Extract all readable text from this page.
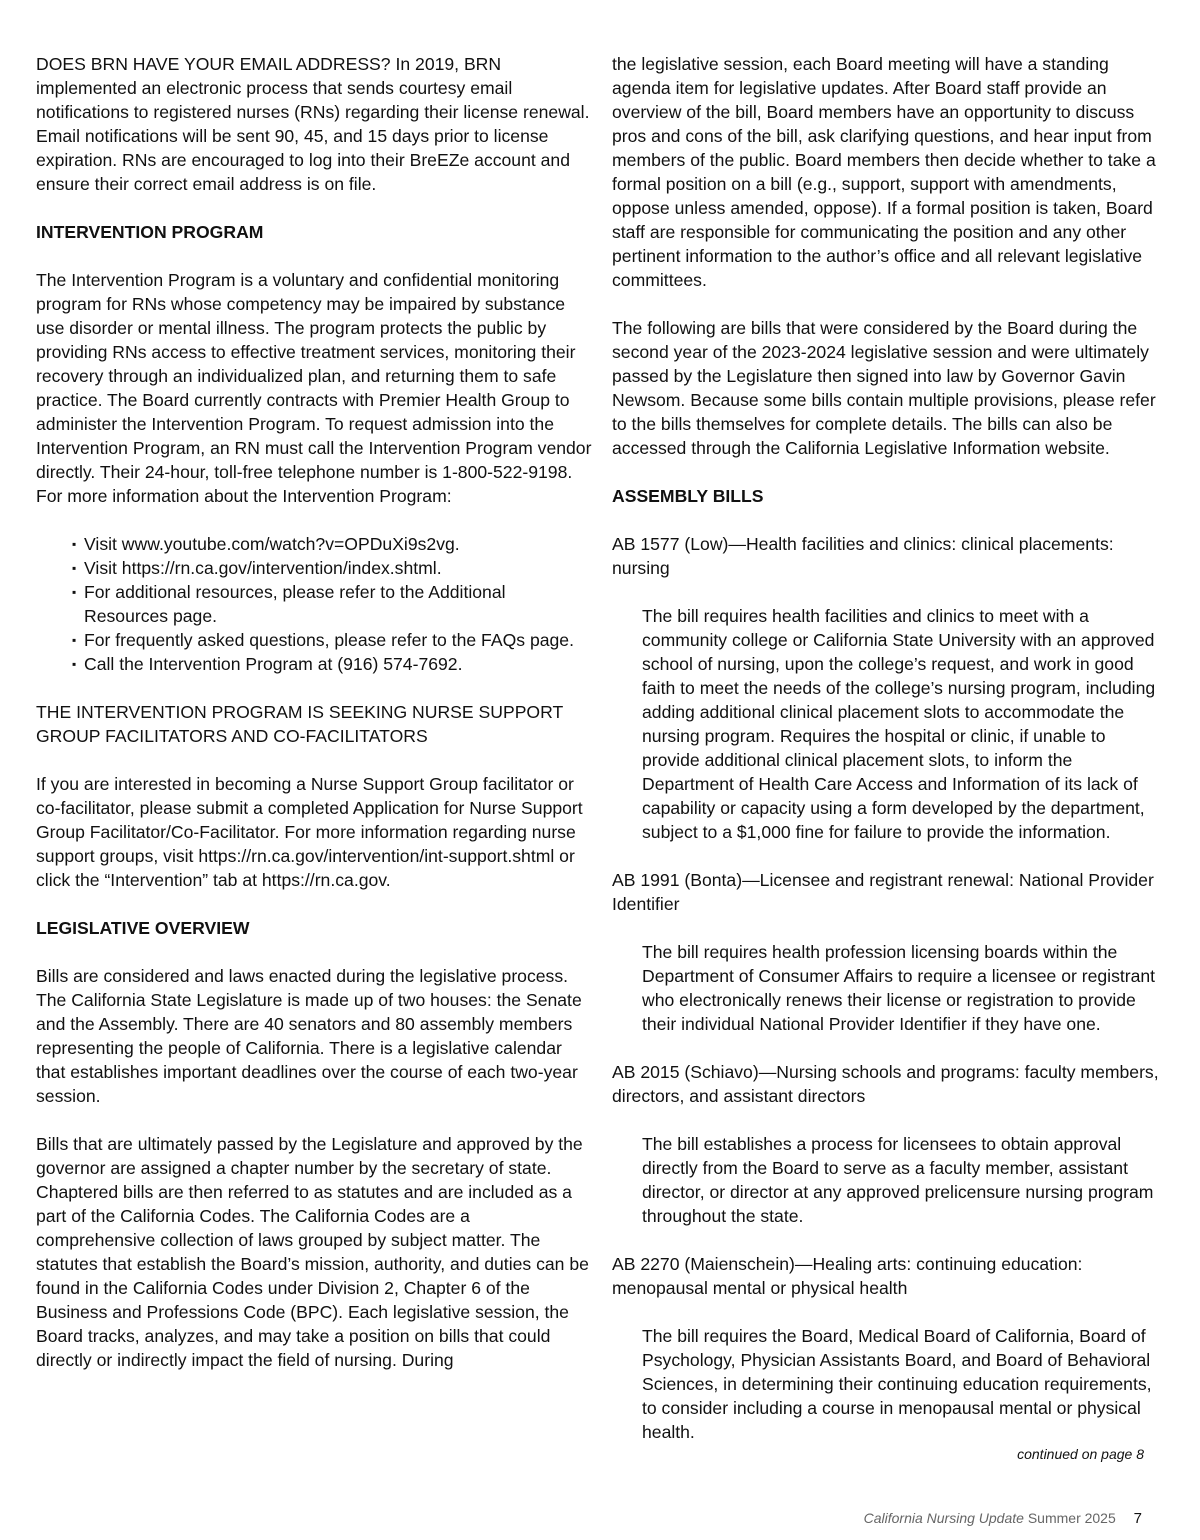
DOES BRN HAVE YOUR EMAIL ADDRESS? In 2019, BRN implemented an electronic process that sends courtesy email notifications to registered nurses (RNs) regarding their license renewal. Email notifications will be sent 90, 45, and 15 days prior to license expiration. RNs are encouraged to log into their BreEZe account and ensure their correct email address is on file.

INTERVENTION PROGRAM

The Intervention Program is a voluntary and confidential monitoring program for RNs whose competency may be impaired by substance use disorder or mental illness. The program protects the public by providing RNs access to effective treatment services, monitoring their recovery through an individualized plan, and returning them to safe practice. The Board currently contracts with Premier Health Group to administer the Intervention Program. To request admission into the Intervention Program, an RN must call the Intervention Program vendor directly. Their 24-hour, toll-free telephone number is 1-800-522-9198. For more information about the Intervention Program:

▪ Visit www.youtube.com/watch?v=OPDuXi9s2vg.
▪ Visit https://rn.ca.gov/intervention/index.shtml.
▪ For additional resources, please refer to the Additional Resources page.
▪ For frequently asked questions, please refer to the FAQs page.
▪ Call the Intervention Program at (916) 574-7692.
THE INTERVENTION PROGRAM IS SEEKING NURSE SUPPORT GROUP FACILITATORS AND CO-FACILITATORS

If you are interested in becoming a Nurse Support Group facilitator or co-facilitator, please submit a completed Application for Nurse Support Group Facilitator/Co-Facilitator. For more information regarding nurse support groups, visit https://rn.ca.gov/intervention/int-support.shtml or click the “Intervention” tab at https://rn.ca.gov.

LEGISLATIVE OVERVIEW

Bills are considered and laws enacted during the legislative process. The California State Legislature is made up of two houses: the Senate and the Assembly. There are 40 senators and 80 assembly members representing the people of California. There is a legislative calendar that establishes important deadlines over the course of each two-year session.

Bills that are ultimately passed by the Legislature and approved by the governor are assigned a chapter number by the secretary of state. Chaptered bills are then referred to as statutes and are included as a part of the California Codes. The California Codes are a comprehensive collection of laws grouped by subject matter. The statutes that establish the Board’s mission, authority, and duties can be found in the California Codes under Division 2, Chapter 6 of the Business and Professions Code (BPC). Each legislative session, the Board tracks, analyzes, and may take a position on bills that could directly or indirectly impact the field of nursing. During

the legislative session, each Board meeting will have a standing agenda item for legislative updates. After Board staff provide an overview of the bill, Board members have an opportunity to discuss pros and cons of the bill, ask clarifying questions, and hear input from members of the public. Board members then decide whether to take a formal position on a bill (e.g., support, support with amendments, oppose unless amended, oppose). If a formal position is taken, Board staff are responsible for communicating the position and any other pertinent information to the author’s office and all relevant legislative committees.

The following are bills that were considered by the Board during the second year of the 2023-2024 legislative session and were ultimately passed by the Legislature then signed into law by Governor Gavin Newsom. Because some bills contain multiple provisions, please refer to the bills themselves for complete details. The bills can also be accessed through the California Legislative Information website.

ASSEMBLY BILLS

AB 1577 (Low)—Health facilities and clinics: clinical placements: nursing

The bill requires health facilities and clinics to meet with a community college or California State University with an approved school of nursing, upon the college’s request, and work in good faith to meet the needs of the college’s nursing program, including adding additional clinical placement slots to accommodate the nursing program. Requires the hospital or clinic, if unable to provide additional clinical placement slots, to inform the Department of Health Care Access and Information of its lack of capability or capacity using a form developed by the department, subject to a $1,000 fine for failure to provide the information.

AB 1991 (Bonta)—Licensee and registrant renewal: National Provider Identifier

The bill requires health profession licensing boards within the Department of Consumer Affairs to require a licensee or registrant who electronically renews their license or registration to provide their individual National Provider Identifier if they have one.

AB 2015 (Schiavo)—Nursing schools and programs: faculty members, directors, and assistant directors

The bill establishes a process for licensees to obtain approval directly from the Board to serve as a faculty member, assistant director, or director at any approved prelicensure nursing program throughout the state.

AB 2270 (Maienschein)—Healing arts: continuing education: menopausal mental or physical health

The bill requires the Board, Medical Board of California, Board of Psychology, Physician Assistants Board, and Board of Behavioral Sciences, in determining their continuing education requirements, to consider including a course in menopausal mental or physical health.

continued on page 8
California Nursing Update Summer 2025 7
